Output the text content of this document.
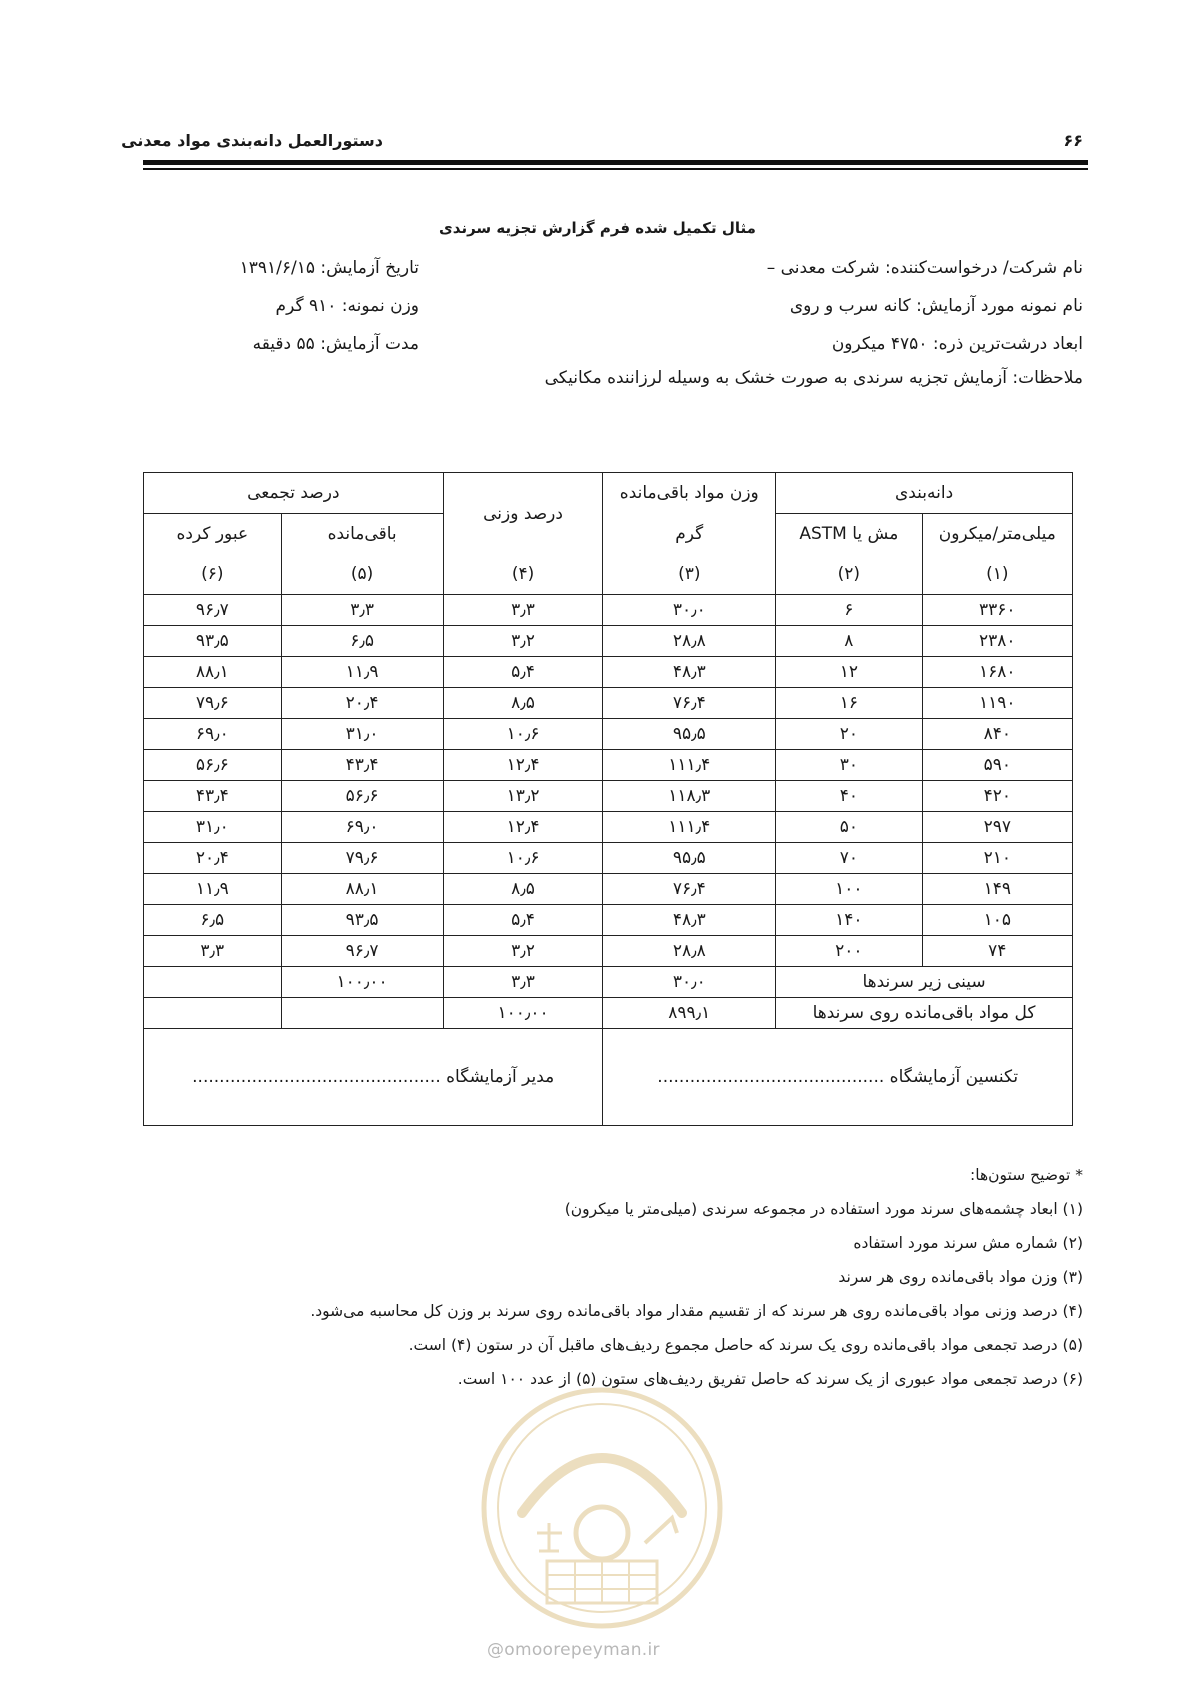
دستورالعمل دانه‌بندی مواد معدنی	۶۶
مثال تکمیل شده فرم گزارش تجزیه سرندی
نام شرکت/ درخواست‌کننده: شرکت معدنی –
نام نمونه مورد آزمایش: کانه سرب و روی
ابعاد درشت‌ترین ذره: ۴۷۵۰ میکرون
ملاحظات: آزمایش تجزیه سرندی به صورت خشک به وسیله لرزاننده مکانیکی
تاریخ آزمایش: ۱۳۹۱/۶/۱۵
وزن نمونه: ۹۱۰ گرم
مدت آزمایش: ۵۵ دقیقه
دانه‌بندی		وزن مواد باقی‌مانده	درصد وزنی	درصد تجمعی	
میلی‌متر/میکرون	مش یا ASTM	گرم		باقی‌مانده	عبور کرده
(۱)	(۲)	(۳)	(۴)	(۵)	(۶)
۳۳۶۰	۶	۳۰٫۰	۳٫۳	۳٫۳	۹۶٫۷
۲۳۸۰	۸	۲۸٫۸	۳٫۲	۶٫۵	۹۳٫۵
۱۶۸۰	۱۲	۴۸٫۳	۵٫۴	۱۱٫۹	۸۸٫۱
۱۱۹۰	۱۶	۷۶٫۴	۸٫۵	۲۰٫۴	۷۹٫۶
۸۴۰	۲۰	۹۵٫۵	۱۰٫۶	۳۱٫۰	۶۹٫۰
۵۹۰	۳۰	۱۱۱٫۴	۱۲٫۴	۴۳٫۴	۵۶٫۶
۴۲۰	۴۰	۱۱۸٫۳	۱۳٫۲	۵۶٫۶	۴۳٫۴
۲۹۷	۵۰	۱۱۱٫۴	۱۲٫۴	۶۹٫۰	۳۱٫۰
۲۱۰	۷۰	۹۵٫۵	۱۰٫۶	۷۹٫۶	۲۰٫۴
۱۴۹	۱۰۰	۷۶٫۴	۸٫۵	۸۸٫۱	۱۱٫۹
۱۰۵	۱۴۰	۴۸٫۳	۵٫۴	۹۳٫۵	۶٫۵
۷۴	۲۰۰	۲۸٫۸	۳٫۲	۹۶٫۷	۳٫۳
سینی زیر سرندها		۳۰٫۰	۳٫۳	۱۰۰٫۰۰	
کل مواد باقی‌مانده روی سرندها		۸۹۹٫۱	۱۰۰٫۰۰		
تکنسین آزمایشگاه ..........................................			مدیر آزمایشگاه ..............................................		
* توضیح ستون‌ها:
(۱) ابعاد چشمه‌های سرند مورد استفاده در مجموعه سرندی (میلی‌متر یا میکرون)
(۲) شماره مش سرند مورد استفاده
(۳) وزن مواد باقی‌مانده روی هر سرند
(۴) درصد وزنی مواد باقی‌مانده روی هر سرند که از تقسیم مقدار مواد باقی‌مانده روی سرند بر وزن کل محاسبه می‌شود.
(۵) درصد تجمعی مواد باقی‌مانده روی یک سرند که حاصل مجموع ردیف‌های ماقبل آن در ستون (۴) است.
(۶) درصد تجمعی مواد عبوری از یک سرند که حاصل تفریق ردیف‌های ستون (۵) از عدد ۱۰۰ است.
@omoorepeyman.ir
